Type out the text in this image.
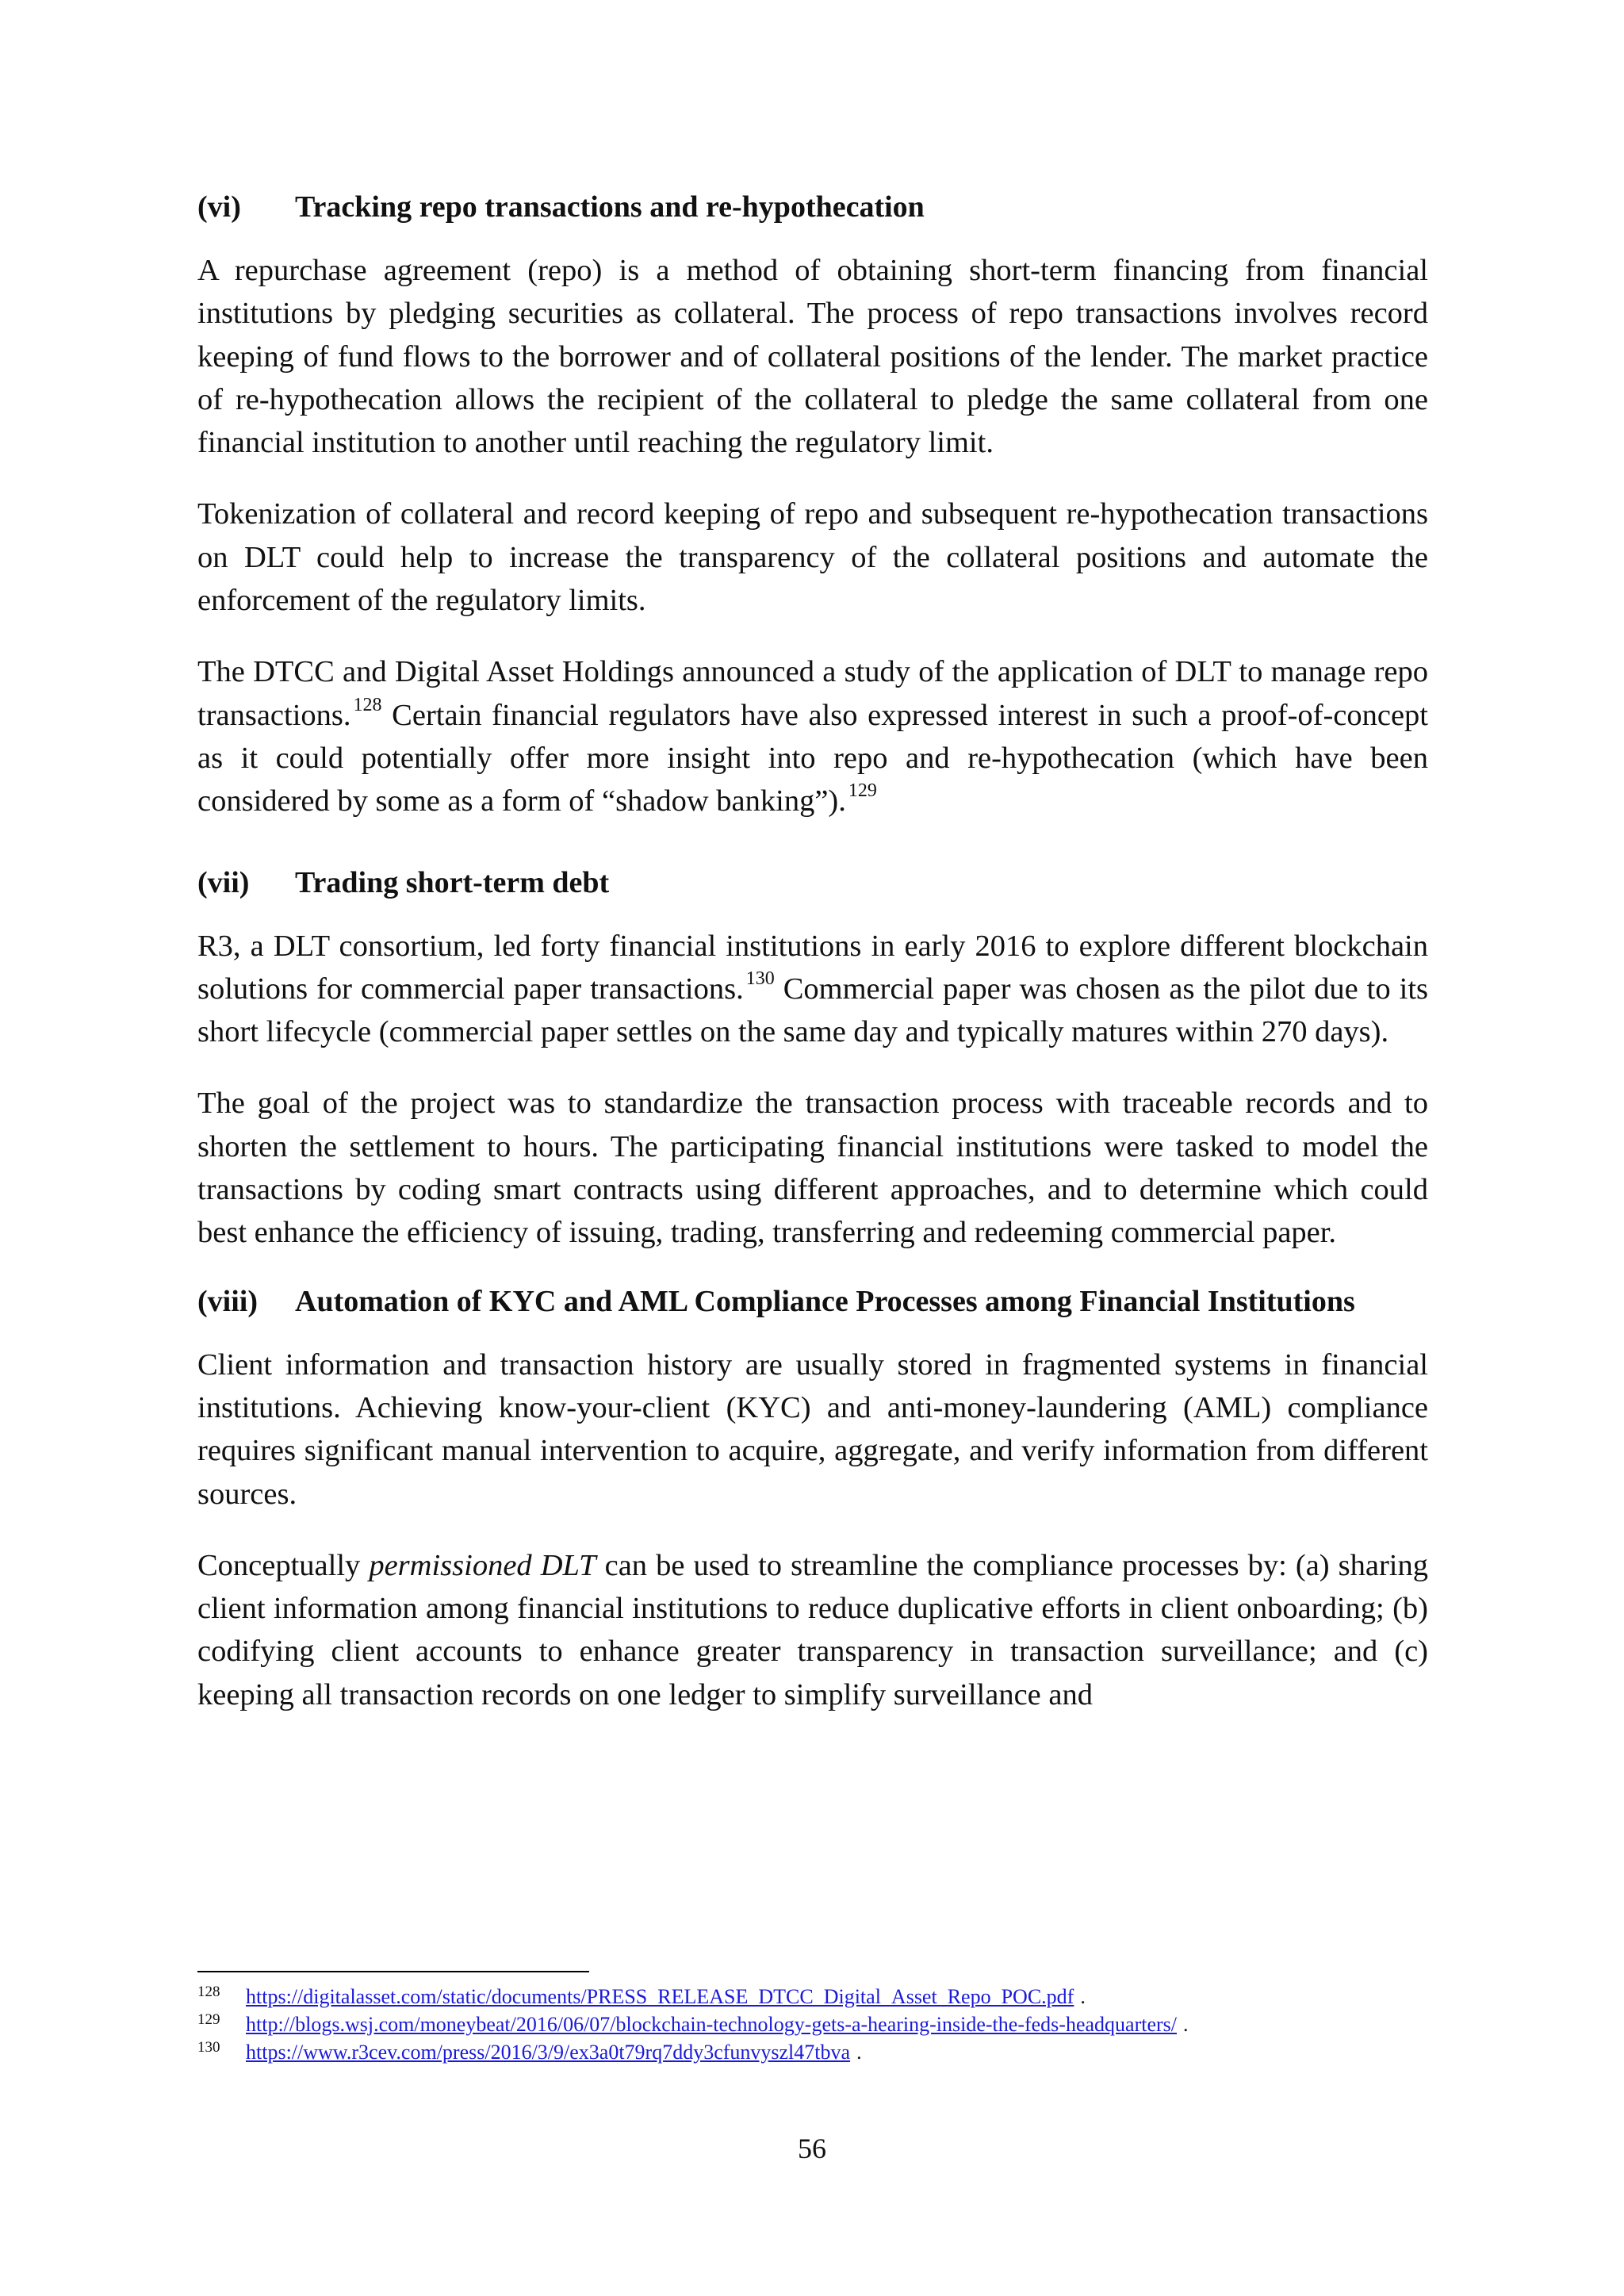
(vi)	Tracking repo transactions and re-hypothecation

A repurchase agreement (repo) is a method of obtaining short-term financing from financial institutions by pledging securities as collateral. The process of repo transactions involves record keeping of fund flows to the borrower and of collateral positions of the lender. The market practice of re-hypothecation allows the recipient of the collateral to pledge the same collateral from one financial institution to another until reaching the regulatory limit.

Tokenization of collateral and record keeping of repo and subsequent re-hypothecation transactions on DLT could help to increase the transparency of the collateral positions and automate the enforcement of the regulatory limits.

The DTCC and Digital Asset Holdings announced a study of the application of DLT to manage repo transactions. $^{128}$ Certain financial regulators have also expressed interest in such a proof-of-concept as it could potentially offer more insight into repo and re-hypothecation (which have been considered by some as a form of “shadow banking”). $^{129}$

(vii)	Trading short-term debt

R3, a DLT consortium, led forty financial institutions in early 2016 to explore different blockchain solutions for commercial paper transactions. $^{130}$ Commercial paper was chosen as the pilot due to its short lifecycle (commercial paper settles on the same day and typically matures within 270 days).

The goal of the project was to standardize the transaction process with traceable records and to shorten the settlement to hours. The participating financial institutions were tasked to model the transactions by coding smart contracts using different approaches, and to determine which could best enhance the efficiency of issuing, trading, transferring and redeeming commercial paper.

(viii)	Automation of KYC and AML Compliance Processes among Financial Institutions

Client information and transaction history are usually stored in fragmented systems in financial institutions. Achieving know-your-client (KYC) and anti-money-laundering (AML) compliance requires significant manual intervention to acquire, aggregate, and verify information from different sources.

Conceptually permissioned DLT can be used to streamline the compliance processes by: (a) sharing client information among financial institutions to reduce duplicative efforts in client onboarding; (b) codifying client accounts to enhance greater transparency in transaction surveillance; and (c) keeping all transaction records on one ledger to simplify surveillance and

128	https://digitalasset.com/static/documents/PRESS_RELEASE_DTCC_Digital_Asset_Repo_POC.pdf .
129	http://blogs.wsj.com/moneybeat/2016/06/07/blockchain-technology-gets-a-hearing-inside-the-feds-headquarters/ .
130	https://www.r3cev.com/press/2016/3/9/ex3a0t79rq7ddy3cfunvyszl47tbva .
56
